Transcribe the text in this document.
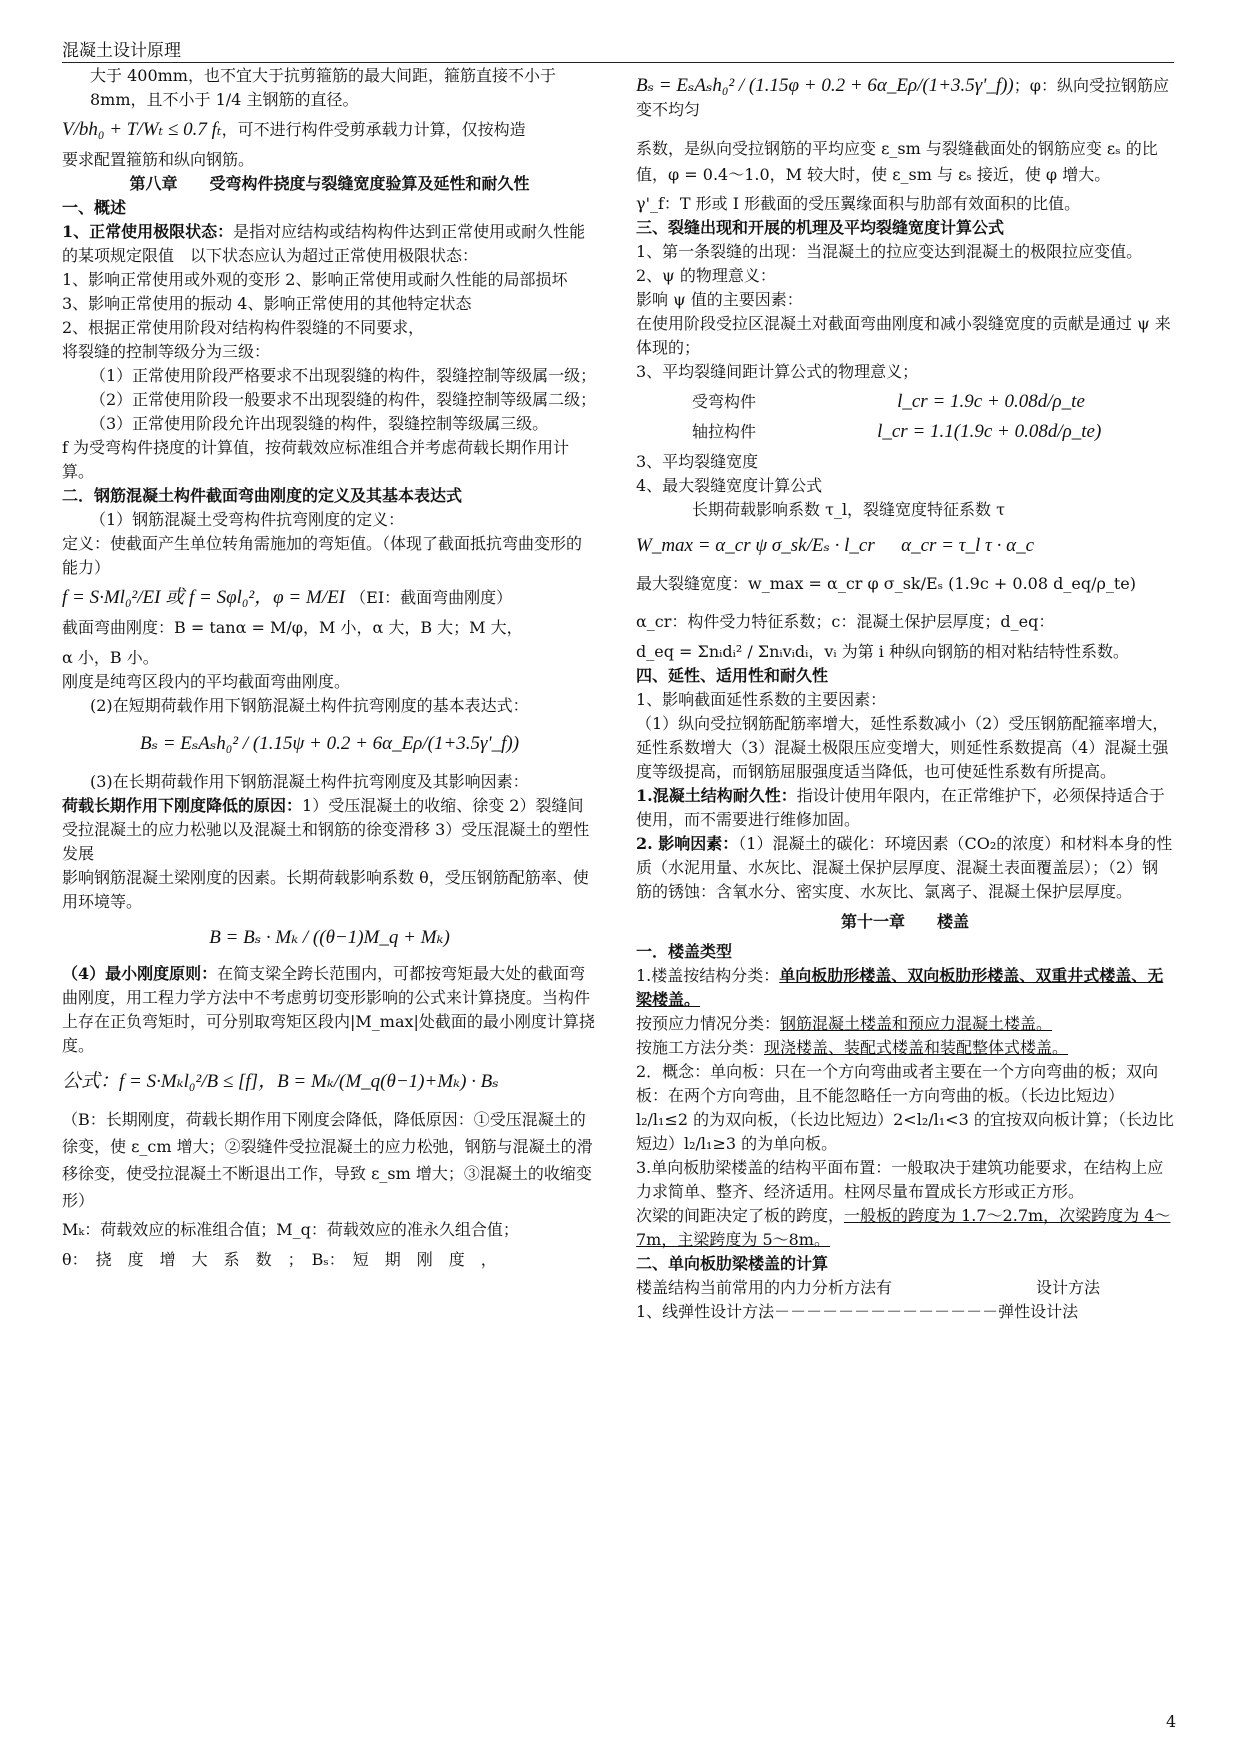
混凝土设计原理

大于 400mm，也不宜大于抗剪箍筋的最大间距，箍筋直接不小于 8mm，且不小于 1/4 主钢筋的直径。

V/bh₀ + T/Wₜ ≤ 0.7 fₜ，可不进行构件受剪承载力计算，仅按构造

要求配置箍筋和纵向钢筋。

第八章　　受弯构件挠度与裂缝宽度验算及延性和耐久性

一、概述

1、正常使用极限状态：是指对应结构或结构构件达到正常使用或耐久性能的某项规定限值　以下状态应认为超过正常使用极限状态：

1、影响正常使用或外观的变形 2、影响正常使用或耐久性能的局部损坏 3、影响正常使用的振动 4、影响正常使用的其他特定状态

2、根据正常使用阶段对结构构件裂缝的不同要求，

将裂缝的控制等级分为三级：

（1）正常使用阶段严格要求不出现裂缝的构件，裂缝控制等级属一级；

（2）正常使用阶段一般要求不出现裂缝的构件，裂缝控制等级属二级；

（3）正常使用阶段允许出现裂缝的构件，裂缝控制等级属三级。

f 为受弯构件挠度的计算值，按荷载效应标准组合并考虑荷载长期作用计算。

二．钢筋混凝土构件截面弯曲刚度的定义及其基本表达式

（1）钢筋混凝土受弯构件抗弯刚度的定义：

定义：使截面产生单位转角需施加的弯矩值。（体现了截面抵抗弯曲变形的能力）

f = S·Ml₀²/EI 或 f = Sφl₀²，φ = M/EI （EI：截面弯曲刚度）

截面弯曲刚度：B = tanα = M/φ，M 小，α 大，B 大；M 大，

α 小，B 小。

刚度是纯弯区段内的平均截面弯曲刚度。

(2)在短期荷载作用下钢筋混凝土构件抗弯刚度的基本表达式：

Bₛ = EₛAₛh₀² / (1.15ψ + 0.2 + 6α_Eρ/(1+3.5γ'_f))

(3)在长期荷载作用下钢筋混凝土构件抗弯刚度及其影响因素：

荷载长期作用下刚度降低的原因：1）受压混凝土的收缩、徐变 2）裂缝间受拉混凝土的应力松驰以及混凝土和钢筋的徐变滑移 3）受压混凝土的塑性发展

影响钢筋混凝土梁刚度的因素。长期荷载影响系数 θ，受压钢筋配筋率、使用环境等。

B = Bₛ · Mₖ / ((θ−1)M_q + Mₖ)

（4）最小刚度原则：在简支梁全跨长范围内，可都按弯矩最大处的截面弯曲刚度，用工程力学方法中不考虑剪切变形影响的公式来计算挠度。当构件上存在正负弯矩时，可分别取弯矩区段内|M_max|处截面的最小刚度计算挠度。

公式：f = S·Mₖl₀²/B ≤ [f]，B = Mₖ/(M_q(θ−1)+Mₖ) · Bₛ

（B：长期刚度，荷载长期作用下刚度会降低，降低原因：①受压混凝土的徐变，使 ε_cm 增大；②裂缝件受拉混凝土的应力松弛，钢筋与混凝土的滑移徐变，使受拉混凝土不断退出工作，导致 ε_sm 增大；③混凝土的收缩变形）

Mₖ：荷载效应的标准组合值；M_q：荷载效应的准永久组合值；

θ：　挠　度　增　大　系　数　；　Bₛ：　短　期　刚　度　，

Bₛ = EₛAₛh₀² / (1.15φ + 0.2 + 6α_Eρ/(1+3.5γ'_f))；φ：纵向受拉钢筋应变不均匀

系数，是纵向受拉钢筋的平均应变 ε_sm 与裂缝截面处的钢筋应变 εₛ 的比值，φ = 0.4～1.0，M 较大时，使 ε_sm 与 εₛ 接近，使 φ 增大。

γ'_f：T 形或 I 形截面的受压翼缘面积与肋部有效面积的比值。

三、裂缝出现和开展的机理及平均裂缝宽度计算公式

1、第一条裂缝的出现：当混凝土的拉应变达到混凝土的极限拉应变值。

2、ψ 的物理意义：

影响 ψ 值的主要因素：

在使用阶段受拉区混凝土对截面弯曲刚度和减小裂缝宽度的贡献是通过 ψ 来体现的；

3、平均裂缝间距计算公式的物理意义；

受弯构件	l_cr = 1.9c + 0.08d/ρ_te

轴拉构件	l_cr = 1.1(1.9c + 0.08d/ρ_te)

3、平均裂缝宽度

4、最大裂缝宽度计算公式

长期荷载影响系数 τ_l，裂缝宽度特征系数 τ

W_max = α_cr ψ σ_sk/Eₛ · l_cr α_cr = τ_l τ · α_c

最大裂缝宽度：w_max = α_cr φ σ_sk/Eₛ (1.9c + 0.08 d_eq/ρ_te)

α_cr：构件受力特征系数；c：混凝土保护层厚度；d_eq：

d_eq = Σnᵢdᵢ² / Σnᵢvᵢdᵢ，vᵢ 为第 i 种纵向钢筋的相对粘结特性系数。

四、延性、适用性和耐久性

1、影响截面延性系数的主要因素：

（1）纵向受拉钢筋配筋率增大，延性系数减小（2）受压钢筋配箍率增大，延性系数增大（3）混凝土极限压应变增大，则延性系数提高（4）混凝土强度等级提高，而钢筋屈服强度适当降低，也可使延性系数有所提高。

1.混凝土结构耐久性：指设计使用年限内，在正常维护下，必须保持适合于使用，而不需要进行维修加固。

2. 影响因素：（1）混凝土的碳化：环境因素（CO₂的浓度）和材料本身的性质（水泥用量、水灰比、混凝土保护层厚度、混凝土表面覆盖层）；（2）钢筋的锈蚀：含氧水分、密实度、水灰比、氯离子、混凝土保护层厚度。

第十一章　　楼盖

一．楼盖类型

1.楼盖按结构分类：单向板肋形楼盖、双向板肋形楼盖、双重井式楼盖、无梁楼盖。

按预应力情况分类：钢筋混凝土楼盖和预应力混凝土楼盖。

按施工方法分类：现浇楼盖、装配式楼盖和装配整体式楼盖。

2．概念：单向板：只在一个方向弯曲或者主要在一个方向弯曲的板；双向板：在两个方向弯曲，且不能忽略任一方向弯曲的板。（长边比短边）l₂/l₁≤2 的为双向板，（长边比短边）2<l₂/l₁<3 的宜按双向板计算；（长边比短边）l₂/l₁≥3 的为单向板。

3.单向板肋梁楼盖的结构平面布置：一般取决于建筑功能要求，在结构上应力求简单、整齐、经济适用。柱网尽量布置成长方形或正方形。

次梁的间距决定了板的跨度，一般板的跨度为 1.7～2.7m，次梁跨度为 4～7m，主梁跨度为 5～8m。

二、单向板肋梁楼盖的计算

楼盖结构当前常用的内力分析方法有	设计方法

1、线弹性设计方法－－－－－－－－－－－－－－弹性设计法

4
